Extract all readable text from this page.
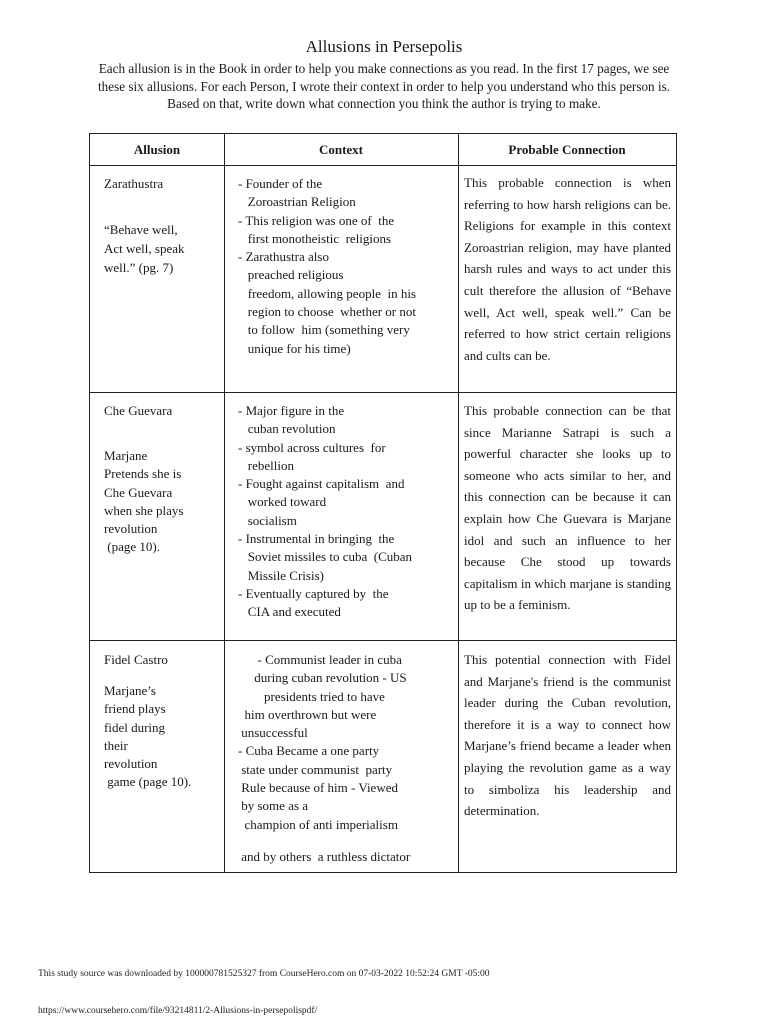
Allusions in Persepolis

Each allusion is in the Book in order to help you make connections as you read. In the first 17 pages, we see these six allusions. For each Person, I wrote their context in order to help you understand who this person is. Based on that, write down what connection you think the author is trying to make.

Allusion	Context	Probable Connection
Zarathustra
“Behave well,
Act well, speak
well.” (pg. 7)
- Founder of the
Zoroastrian Religion
- This religion was one of  the
first monotheistic  religions
- Zarathustra also
preached religious
freedom, allowing people  in his
region to choose  whether or not
to follow  him (something very
unique for his time)

This probable connection is when referring to how harsh religions can be. Religions for example in this context Zoroastrian religion, may have planted harsh rules and ways to act under this cult therefore the allusion of “Behave well, Act well, speak well.” Can be referred to how strict certain religions and cults can be.

Che Guevara
Marjane
Pretends she is
Che Guevara
when she plays
revolution
(page 10).
- Major figure in the
cuban revolution
- symbol across cultures  for
rebellion
- Fought against capitalism  and
worked toward
socialism
- Instrumental in bringing  the
Soviet missiles to cuba  (Cuban
Missile Crisis)
- Eventually captured by  the
CIA and executed

This probable connection can be that since Marianne Satrapi is such a powerful character she looks up to someone who acts similar to her, and this connection can be because it can explain how Che Guevara is Marjane idol and such an influence to her because Che stood up towards capitalism in which marjane is standing up to be a feminism.

Fidel Castro
Marjane’s
friend plays
fidel during
their
revolution
game (page 10).
- Communist leader in cuba
during cuban revolution - US
presidents tried to have
him overthrown but were
unsuccessful
- Cuba Became a one party
state under communist  party
Rule because of him - Viewed
by some as a
champion of anti imperialism
and by others  a ruthless dictator

This potential connection with Fidel and Marjane's friend is the communist leader during the Cuban revolution, therefore it is a way to connect how Marjane’s friend became a leader when playing the revolution game as a way to simboliza his leadership and determination.

This study source was downloaded by 100000781525327 from CourseHero.com on 07-03-2022 10:52:24 GMT -05:00
https://www.coursehero.com/file/93214811/2-Allusions-in-persepolispdf/
